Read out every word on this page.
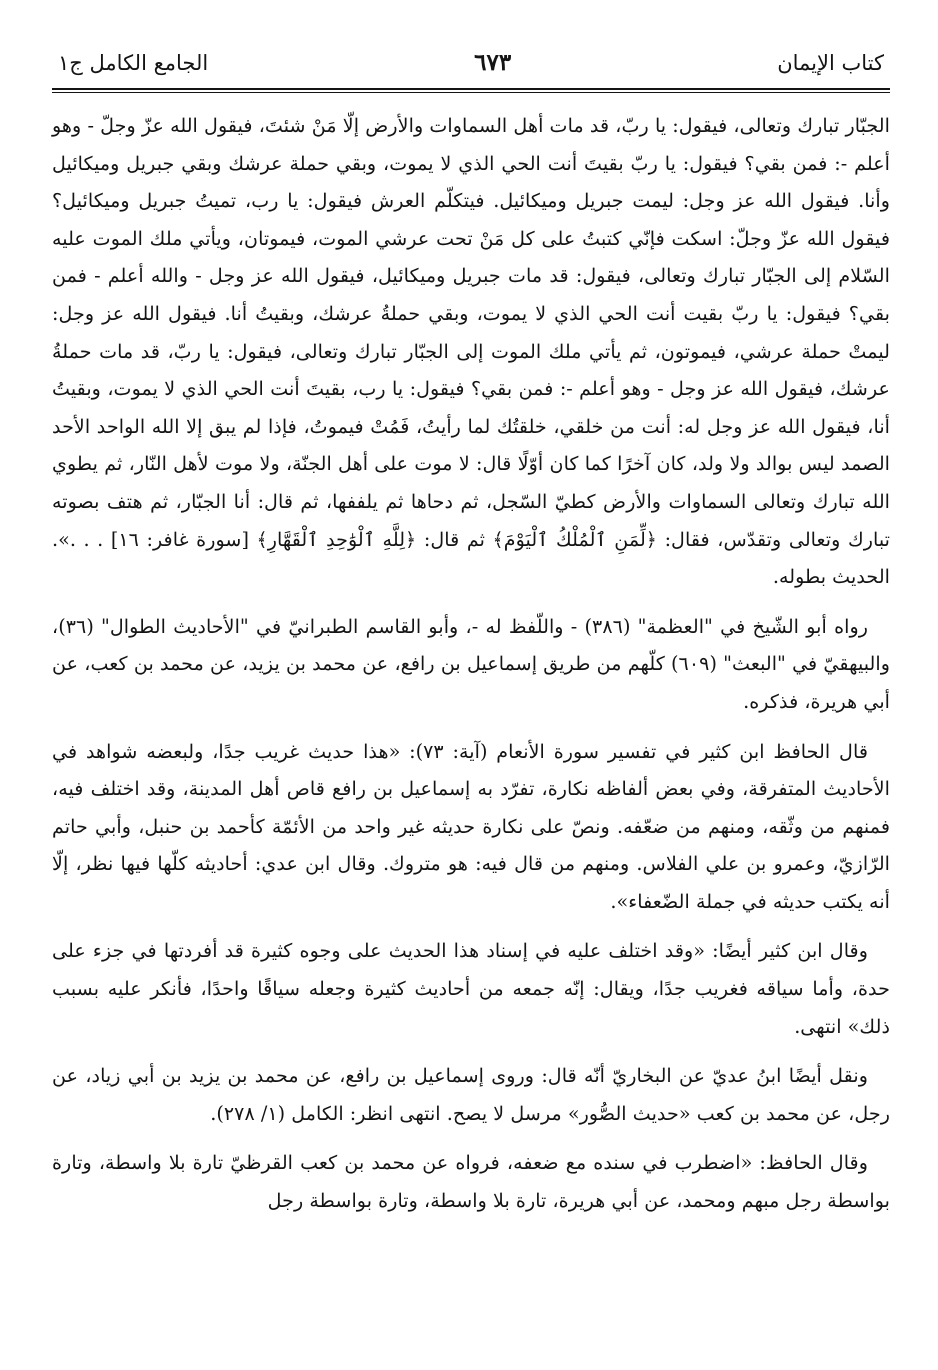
كتاب الإيمان
٦٧٣
الجامع الكامل ج١

الجبّار تبارك وتعالى، فيقول: يا ربّ، قد مات أهل السماوات والأرض إلّا مَنْ شئتَ، فيقول الله عزّ وجلّ - وهو أعلم -: فمن بقي؟ فيقول: يا ربّ بقيتَ أنت الحي الذي لا يموت، وبقي حملة عرشك وبقي جبريل وميكائيل وأنا. فيقول الله عز وجل: ليمت جبريل وميكائيل. فيتكلّم العرش فيقول: يا رب، تميتُ جبريل وميكائيل؟ فيقول الله عزّ وجلّ: اسكت فإنّي كتبتُ على كل مَنْ تحت عرشي الموت، فيموتان، ويأتي ملك الموت عليه السّلام إلى الجبّار تبارك وتعالى، فيقول: قد مات جبريل وميكائيل، فيقول الله عز وجل - والله أعلم - فمن بقي؟ فيقول: يا ربّ بقيت أنت الحي الذي لا يموت، وبقي حملةُ عرشك، وبقيتُ أنا. فيقول الله عز وجل: ليمتْ حملة عرشي، فيموتون، ثم يأتي ملك الموت إلى الجبّار تبارك وتعالى، فيقول: يا ربّ، قد مات حملةُ عرشك، فيقول الله عز وجل - وهو أعلم -: فمن بقي؟ فيقول: يا رب، بقيتَ أنت الحي الذي لا يموت، وبقيتُ أنا، فيقول الله عز وجل له: أنت من خلقي، خلقتُك لما رأيتُ، فَمُتْ فيموتُ، فإذا لم يبق إلا الله الواحد الأحد الصمد ليس بوالد ولا ولد، كان آخرًا كما كان أوّلًا قال: لا موت على أهل الجنّة، ولا موت لأهل النّار، ثم يطوي الله تبارك وتعالى السماوات والأرض كطيّ السّجل، ثم دحاها ثم يلففها، ثم قال: أنا الجبّار، ثم هتف بصوته تبارك وتعالى وتقدّس، فقال: ﴿لِّمَنِ ٱلْمُلْكُ ٱلْيَوْمَ﴾ ثم قال: ﴿لِلَّهِ ٱلْوَٰحِدِ ٱلْقَهَّارِ﴾ [سورة غافر: ١٦] . . .». الحديث بطوله.

رواه أبو الشّيخ في "العظمة" (٣٨٦) - واللّفظ له -، وأبو القاسم الطبرانيّ في "الأحاديث الطوال" (٣٦)، والبيهقيّ في "البعث" (٦٠٩) كلّهم من طريق إسماعيل بن رافع، عن محمد بن يزيد، عن محمد بن كعب، عن أبي هريرة، فذكره.

قال الحافظ ابن كثير في تفسير سورة الأنعام (آية: ٧٣): «هذا حديث غريب جدًا، ولبعضه شواهد في الأحاديث المتفرقة، وفي بعض ألفاظه نكارة، تفرّد به إسماعيل بن رافع قاص أهل المدينة، وقد اختلف فيه، فمنهم من وثّقه، ومنهم من ضعّفه. ونصّ على نكارة حديثه غير واحد من الأئمّة كأحمد بن حنبل، وأبي حاتم الرّازيّ، وعمرو بن علي الفلاس. ومنهم من قال فيه: هو متروك. وقال ابن عدي: أحاديثه كلّها فيها نظر، إلّا أنه يكتب حديثه في جملة الضّعفاء».

وقال ابن كثير أيضًا: «وقد اختلف عليه في إسناد هذا الحديث على وجوه كثيرة قد أفردتها في جزء على حدة، وأما سياقه فغريب جدًا، ويقال: إنّه جمعه من أحاديث كثيرة وجعله سياقًا واحدًا، فأنكر عليه بسبب ذلك» انتهى.

ونقل أيضًا ابنُ عديّ عن البخاريّ أنّه قال: وروى إسماعيل بن رافع، عن محمد بن يزيد بن أبي زياد، عن رجل، عن محمد بن كعب «حديث الصُّور» مرسل لا يصح. انتهى انظر: الكامل (١/ ٢٧٨).

وقال الحافظ: «اضطرب في سنده مع ضعفه، فرواه عن محمد بن كعب القرظيّ تارة بلا واسطة، وتارة بواسطة رجل مبهم ومحمد، عن أبي هريرة، تارة بلا واسطة، وتارة بواسطة رجل
